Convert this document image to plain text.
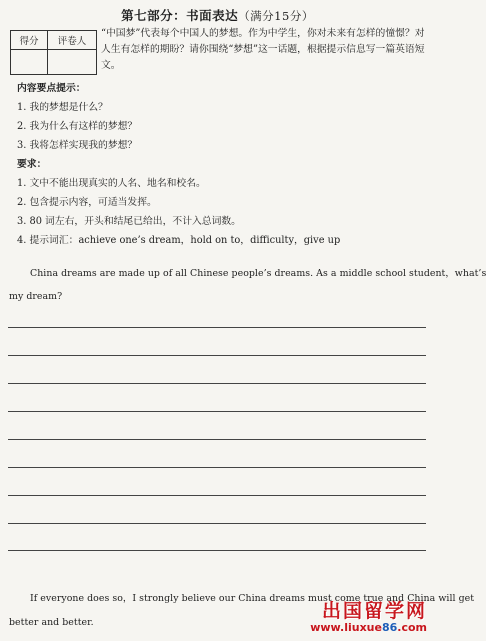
第七部分：书面表达（满分15分）
得分	评卷人

“中国梦”代表每个中国人的梦想。作为中学生，你对未来有怎样的憧憬？对人生有怎样的期盼？请你围绕“梦想”这一话题，根据提示信息写一篇英语短文。
内容要点提示：
1. 我的梦想是什么？
2. 我为什么有这样的梦想？
3. 我将怎样实现我的梦想？
要求：
1. 文中不能出现真实的人名、地名和校名。
2. 包含提示内容，可适当发挥。
3. 80 词左右，开头和结尾已给出，不计入总词数。
4. 提示词汇：achieve one’s dream，hold on to，difficulty，give up
China dreams are made up of all Chinese people’s dreams. As a middle school student，what’s
my dream?
If everyone does so，I strongly believe our China dreams must come true and China will get
better and better.
出国留学网
www.liuxue86.com
